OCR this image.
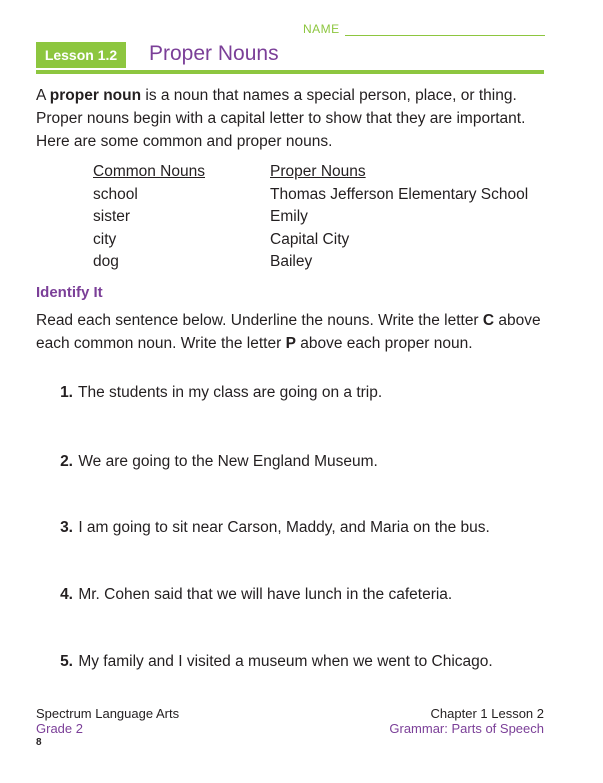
NAME
Lesson 1.2	Proper Nouns

A proper noun is a noun that names a special person, place, or thing. Proper nouns begin with a capital letter to show that they are important. Here are some common and proper nouns.

Common Nouns	Proper Nouns
school	Thomas Jefferson Elementary School
sister	Emily
city	Capital City
dog	Bailey
Identify It

Read each sentence below. Underline the nouns. Write the letter C above each common noun. Write the letter P above each proper noun.

1. The students in my class are going on a trip.
2. We are going to the New England Museum.
3. I am going to sit near Carson, Maddy, and Maria on the bus.
4. Mr. Cohen said that we will have lunch in the cafeteria.
5. My family and I visited a museum when we went to Chicago.
Spectrum Language Arts
Grade 2
Chapter 1 Lesson 2
Grammar: Parts of Speech
8
